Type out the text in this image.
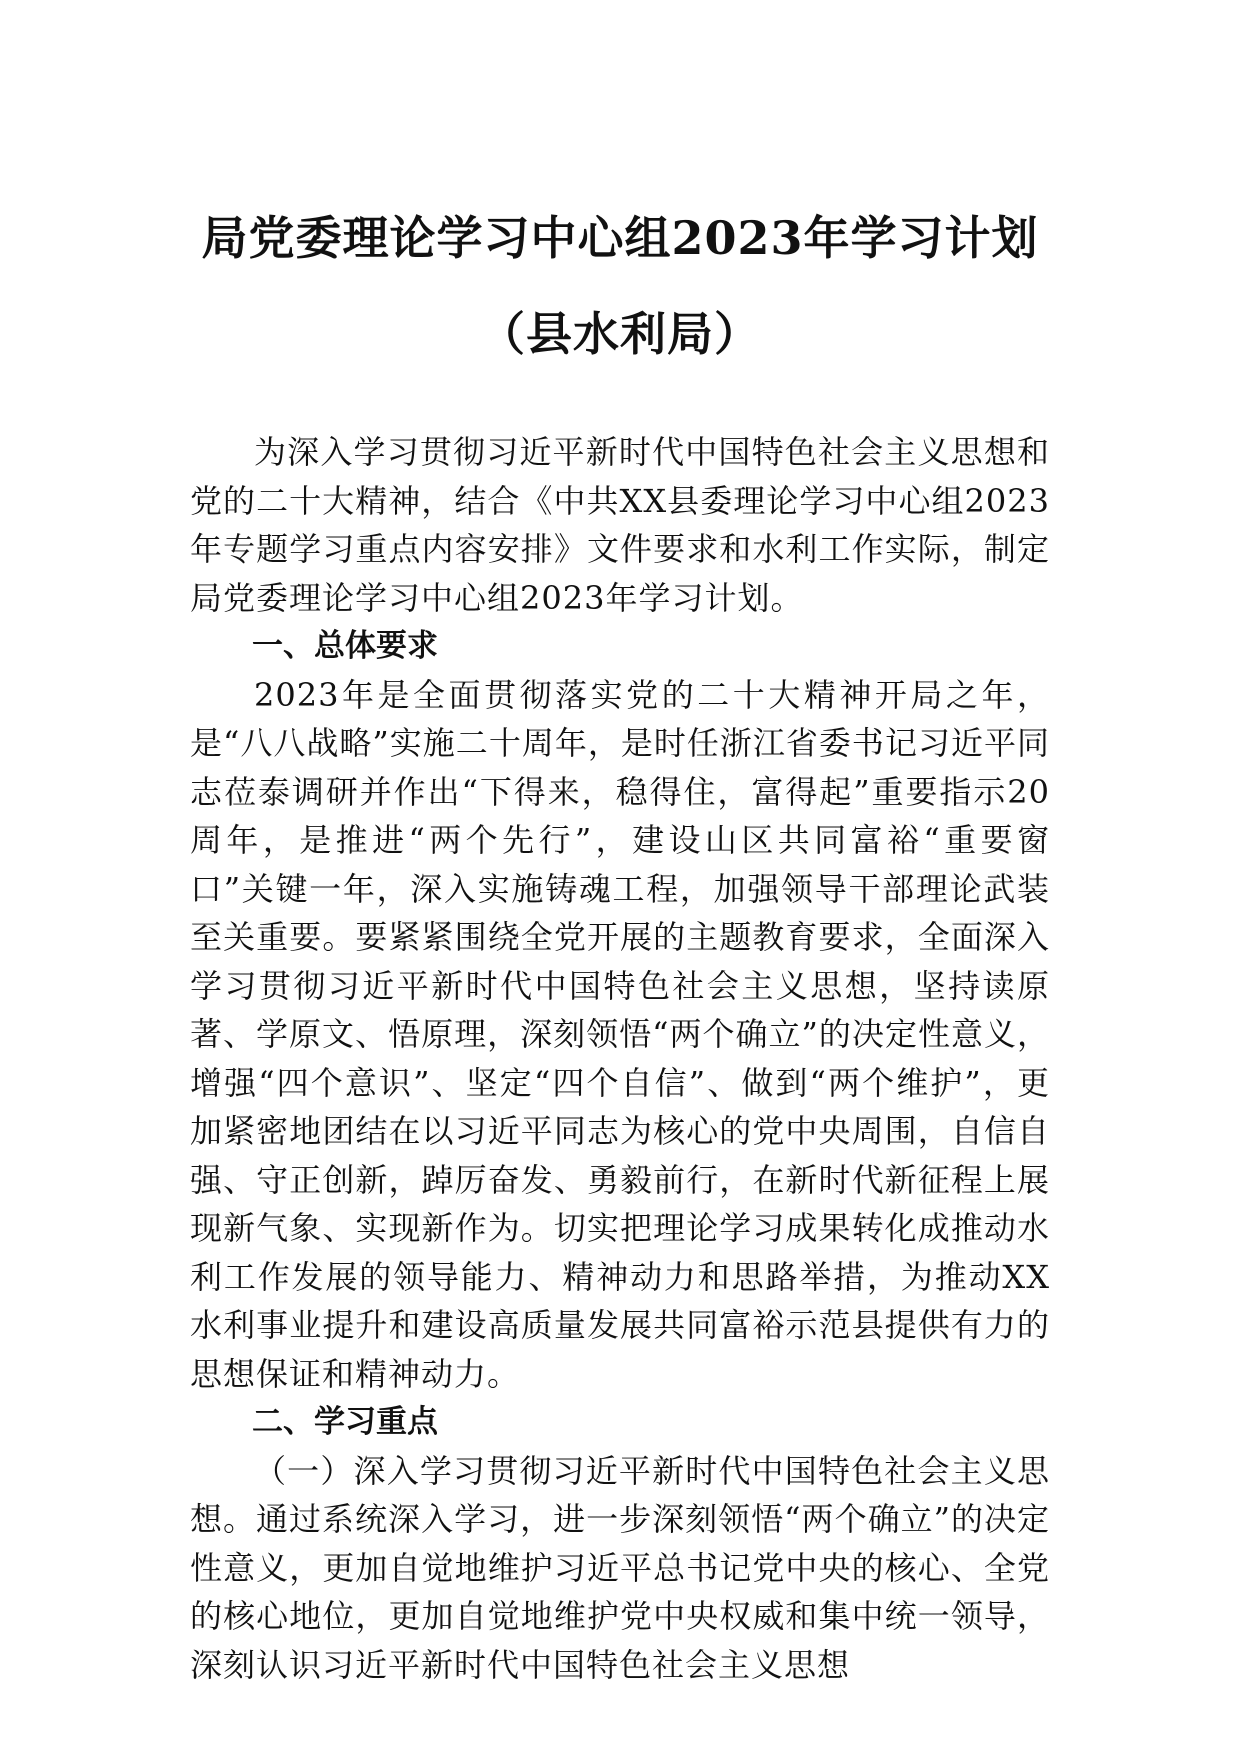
局党委理论学习中心组2023年学习计划
（县水利局）

为深入学习贯彻习近平新时代中国特色社会主义思想和党的二十大精神，结合《中共XX县委理论学习中心组2023年专题学习重点内容安排》文件要求和水利工作实际，制定局党委理论学习中心组2023年学习计划。

一、总体要求

2023年是全面贯彻落实党的二十大精神开局之年，是“八八战略”实施二十周年，是时任浙江省委书记习近平同志莅泰调研并作出“下得来，稳得住，富得起”重要指示20周年，是推进“两个先行”，建设山区共同富裕“重要窗口”关键一年，深入实施铸魂工程，加强领导干部理论武装至关重要。要紧紧围绕全党开展的主题教育要求，全面深入学习贯彻习近平新时代中国特色社会主义思想，坚持读原著、学原文、悟原理，深刻领悟“两个确立”的决定性意义，增强“四个意识”、坚定“四个自信”、做到“两个维护”，更加紧密地团结在以习近平同志为核心的党中央周围，自信自强、守正创新，踔厉奋发、勇毅前行，在新时代新征程上展现新气象、实现新作为。切实把理论学习成果转化成推动水利工作发展的领导能力、精神动力和思路举措，为推动XX水利事业提升和建设高质量发展共同富裕示范县提供有力的思想保证和精神动力。

二、学习重点

（一）深入学习贯彻习近平新时代中国特色社会主义思想。通过系统深入学习，进一步深刻领悟“两个确立”的决定性意义，更加自觉地维护习近平总书记党中央的核心、全党的核心地位，更加自觉地维护党中央权威和集中统一领导，深刻认识习近平新时代中国特色社会主义思想
